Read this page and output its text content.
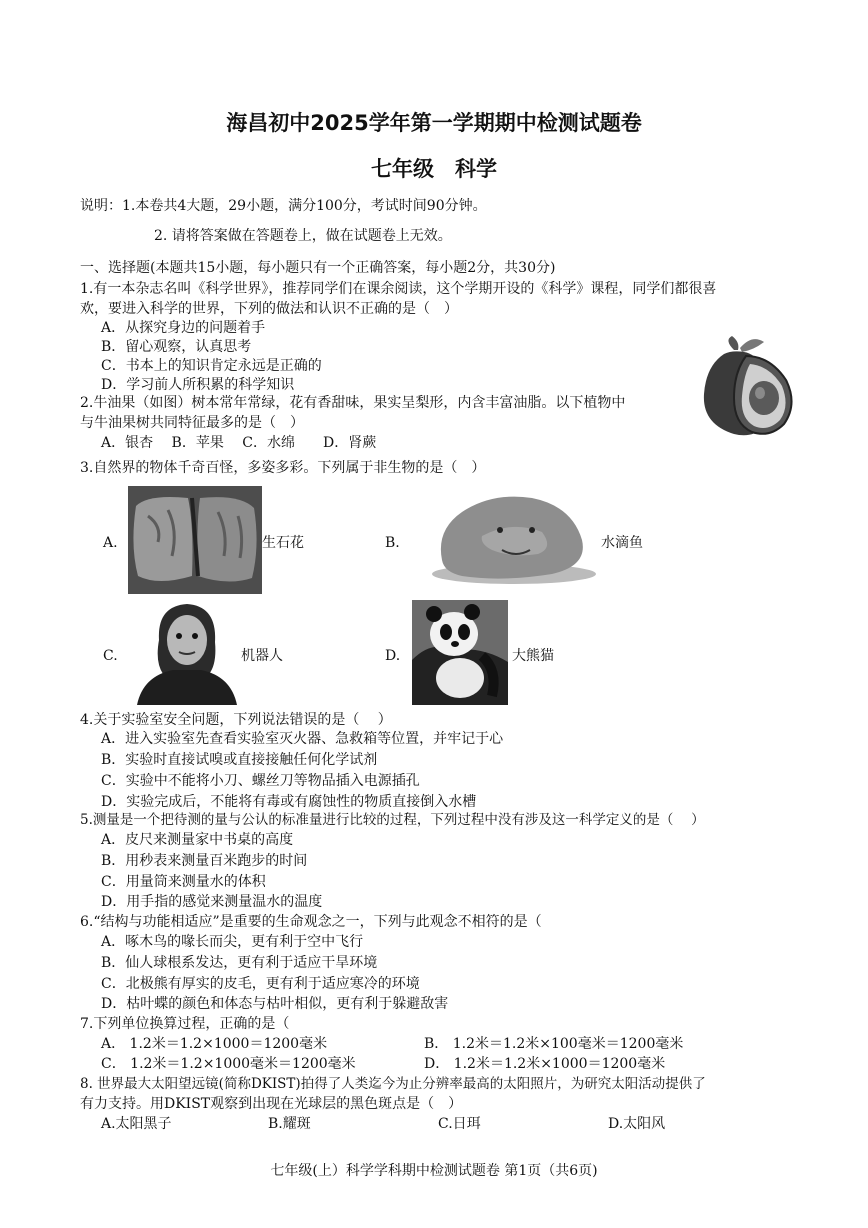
海昌初中2025学年第一学期期中检测试题卷
七年级　科学
说明：1.本卷共4大题，29小题，满分100分，考试时间90分钟。
2. 请将答案做在答题卷上，做在试题卷上无效。
一、选择题(本题共15小题，每小题只有一个正确答案，每小题2分，共30分)
1.有一本杂志名叫《科学世界》，推荐同学们在课余阅读，这个学期开设的《科学》课程，同学们都很喜
欢，要进入科学的世界，下列的做法和认识不正确的是（　）
A．从探究身边的问题着手
B．留心观察，认真思考
C．书本上的知识肯定永远是正确的
D．学习前人所积累的科学知识
2.牛油果（如图）树本常年常绿，花有香甜味，果实呈梨形，内含丰富油脂。以下植物中
与牛油果树共同特征最多的是（　）
A．银杏　 B．苹果　 C．水绵　　D．肾蕨
3.自然界的物体千奇百怪，多姿多彩。下列属于非生物的是（　）
A.	生石花	B.	水滴鱼
C.	机器人	D.	大熊猫
4.关于实验室安全问题，下列说法错误的是（　 ）
A．进入实验室先查看实验室灭火器、急救箱等位置，并牢记于心
B．实验时直接试嗅或直接接触任何化学试剂
C．实验中不能将小刀、螺丝刀等物品插入电源插孔
D．实验完成后，不能将有毒或有腐蚀性的物质直接倒入水槽
5.测量是一个把待测的量与公认的标准量进行比较的过程，下列过程中没有涉及这一科学定义的是（　 ）
A．皮尺来测量家中书桌的高度
B．用秒表来测量百米跑步的时间
C．用量筒来测量水的体积
D．用手指的感觉来测量温水的温度
6.“结构与功能相适应”是重要的生命观念之一，下列与此观念不相符的是（
A．啄木鸟的喙长而尖，更有利于空中飞行
B．仙人球根系发达，更有利于适应干旱环境
C．北极熊有厚实的皮毛，更有利于适应寒冷的环境
D．枯叶蝶的颜色和体态与枯叶相似，更有利于躲避敌害
7.下列单位换算过程，正确的是（
A． 1.2米＝1.2×1000＝1200毫米	B． 1.2米＝1.2米×100毫米＝1200毫米
C． 1.2米＝1.2×1000毫米＝1200毫米	D． 1.2米＝1.2米×1000＝1200毫米
8. 世界最大太阳望远镜(简称DKIST)拍得了人类迄今为止分辨率最高的太阳照片，为研究太阳活动提供了
有力支持。用DKIST观察到出现在光球层的黑色斑点是（　）
A.太阳黑子	B.耀斑	C.日珥	D.太阳风
七年级(上）科学学科期中检测试题卷 第1页（共6页)
